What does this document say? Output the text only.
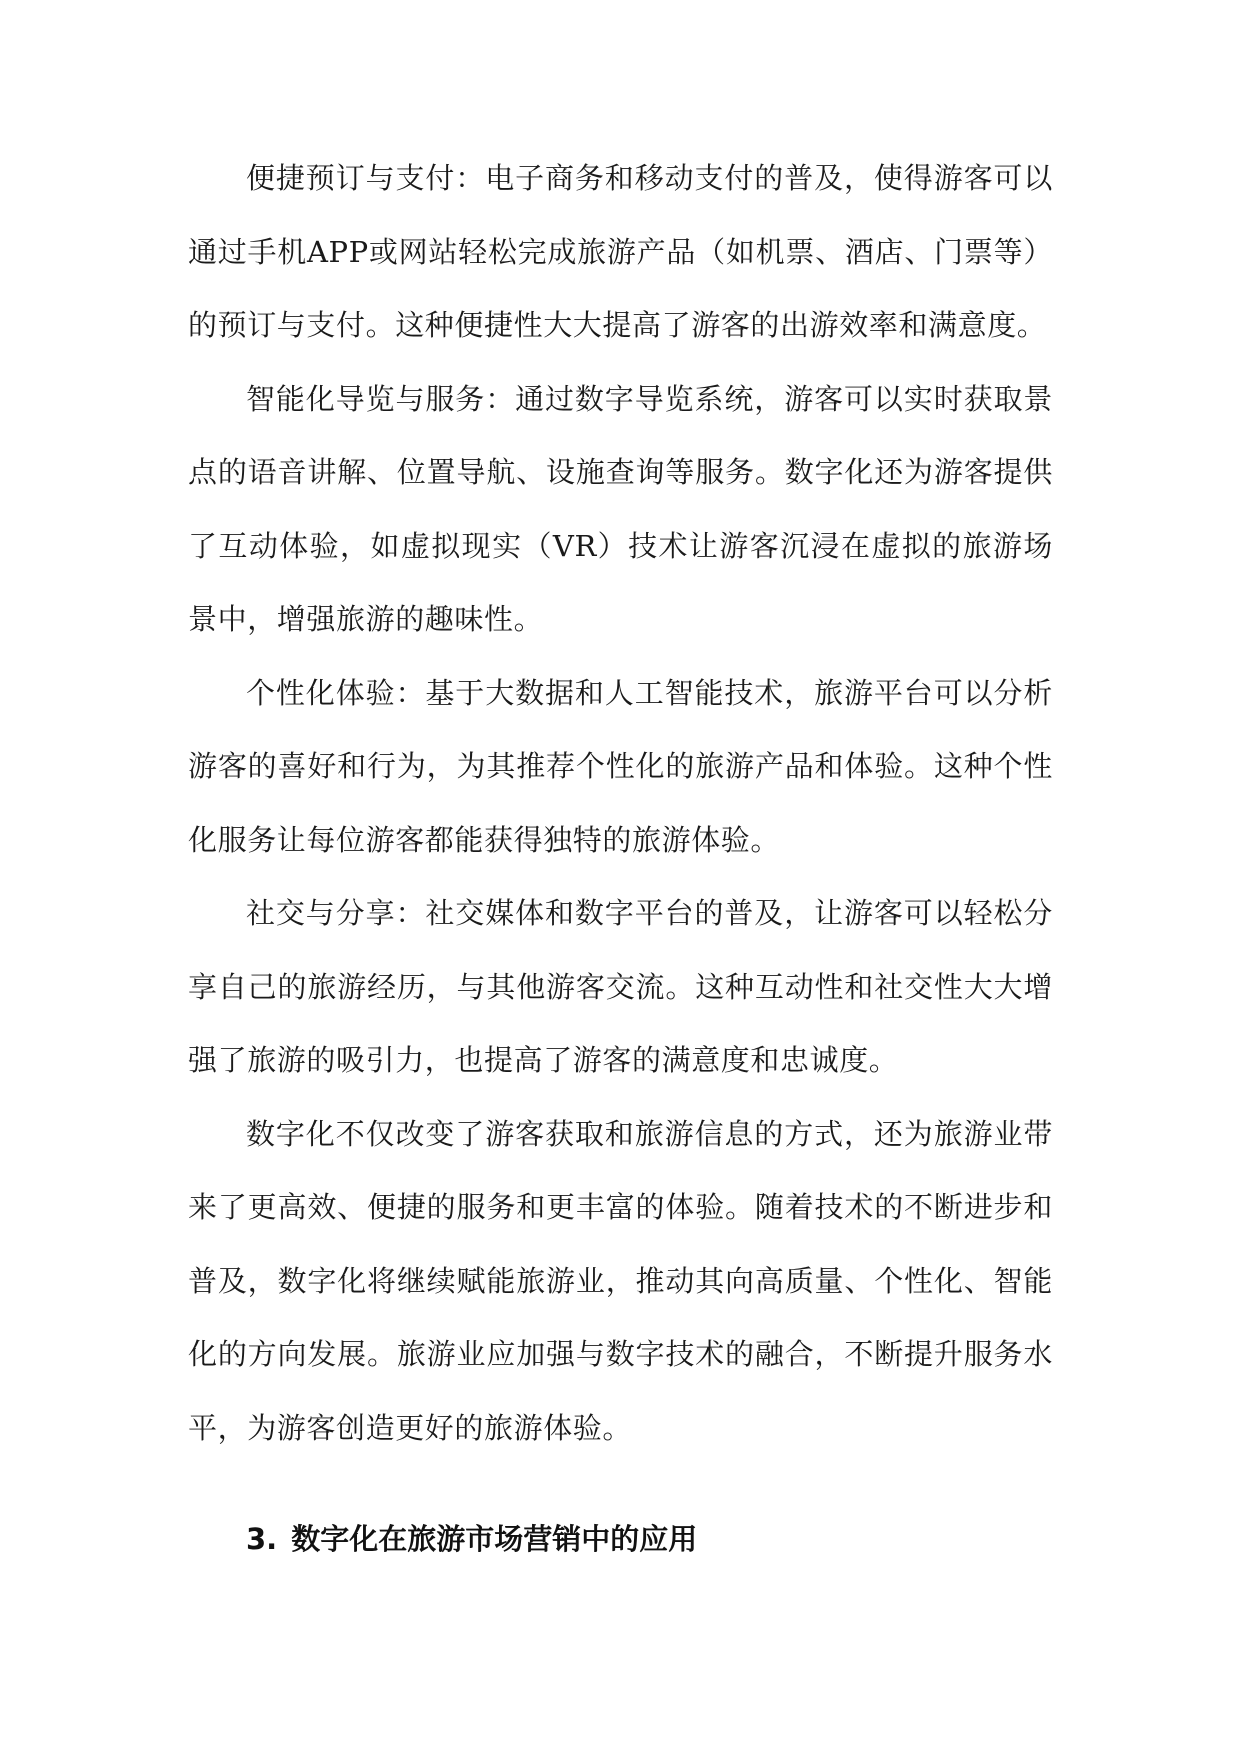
便捷预订与支付：电子商务和移动支付的普及，使得游客可以通过手机APP或网站轻松完成旅游产品（如机票、酒店、门票等）的预订与支付。这种便捷性大大提高了游客的出游效率和满意度。

智能化导览与服务：通过数字导览系统，游客可以实时获取景点的语音讲解、位置导航、设施查询等服务。数字化还为游客提供了互动体验，如虚拟现实（VR）技术让游客沉浸在虚拟的旅游场景中，增强旅游的趣味性。

个性化体验：基于大数据和人工智能技术，旅游平台可以分析游客的喜好和行为，为其推荐个性化的旅游产品和体验。这种个性化服务让每位游客都能获得独特的旅游体验。

社交与分享：社交媒体和数字平台的普及，让游客可以轻松分享自己的旅游经历，与其他游客交流。这种互动性和社交性大大增强了旅游的吸引力，也提高了游客的满意度和忠诚度。

数字化不仅改变了游客获取和旅游信息的方式，还为旅游业带来了更高效、便捷的服务和更丰富的体验。随着技术的不断进步和普及，数字化将继续赋能旅游业，推动其向高质量、个性化、智能化的方向发展。旅游业应加强与数字技术的融合，不断提升服务水平，为游客创造更好的旅游体验。

3. 数字化在旅游市场营销中的应用
